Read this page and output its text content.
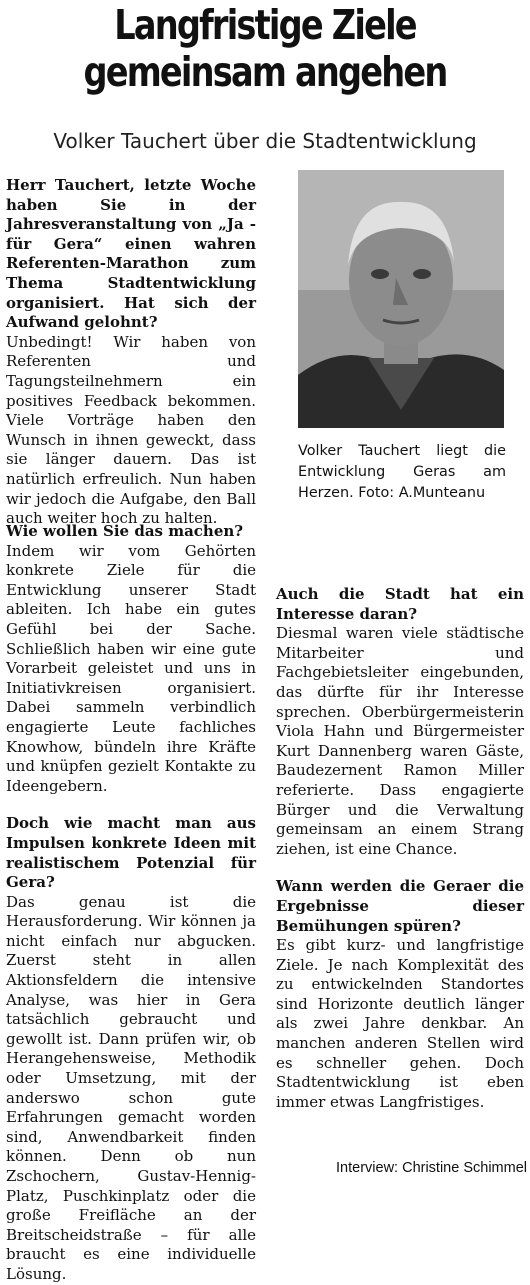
Langfristige Ziele
gemeinsam angehen
Volker Tauchert über die Stadtentwicklung

Herr Tauchert, letzte Woche haben Sie in der Jahresveranstaltung von „Ja - für Gera“ einen wahren Referenten-Marathon zum Thema Stadtentwicklung organisiert. Hat sich der Aufwand gelohnt?

Unbedingt! Wir haben von Referenten und Tagungsteilnehmern ein positives Feedback bekommen. Viele Vorträge haben den Wunsch in ihnen geweckt, dass sie länger dauern. Das ist natürlich erfreulich. Nun haben wir jedoch die Aufgabe, den Ball auch weiter hoch zu halten.

Volker Tauchert liegt die Entwicklung Geras am Herzen. Foto: A.Munteanu

Wie wollen Sie das machen?

Indem wir vom Gehörten konkrete Ziele für die Entwicklung unserer Stadt ableiten. Ich habe ein gutes Gefühl bei der Sache. Schließlich haben wir eine gute Vorarbeit geleistet und uns in Initiativkreisen organisiert. Dabei sammeln verbindlich engagierte Leute fachliches Knowhow, bündeln ihre Kräfte und knüpfen gezielt Kontakte zu Ideengebern.

Doch wie macht man aus Impulsen konkrete Ideen mit realistischem Potenzial für Gera?

Das genau ist die Herausforderung. Wir können ja nicht einfach nur abgucken. Zuerst steht in allen Aktionsfeldern die intensive Analyse, was hier in Gera tatsächlich gebraucht und gewollt ist. Dann prüfen wir, ob Herangehensweise, Methodik oder Umsetzung, mit der anderswo schon gute Erfahrungen gemacht worden sind, Anwendbarkeit finden können. Denn ob nun Zschochern, Gustav-Hennig-Platz, Puschkinplatz oder die große Freifläche an der Breitscheidstraße – für alle braucht es eine individuelle Lösung.

Auch die Stadt hat ein Interesse daran?

Diesmal waren viele städtische Mitarbeiter und Fachgebietsleiter eingebunden, das dürfte für ihr Interesse sprechen. Oberbürgermeisterin Viola Hahn und Bürgermeister Kurt Dannenberg waren Gäste, Baudezernent Ramon Miller referierte. Dass engagierte Bürger und die Verwaltung gemeinsam an einem Strang ziehen, ist eine Chance.

Wann werden die Geraer die Ergebnisse dieser Bemühungen spüren?

Es gibt kurz- und langfristige Ziele. Je nach Komplexität des zu entwickelnden Standortes sind Horizonte deutlich länger als zwei Jahre denkbar. An manchen anderen Stellen wird es schneller gehen. Doch Stadtentwicklung ist eben immer etwas Langfristiges.

Interview: Christine Schimmel
